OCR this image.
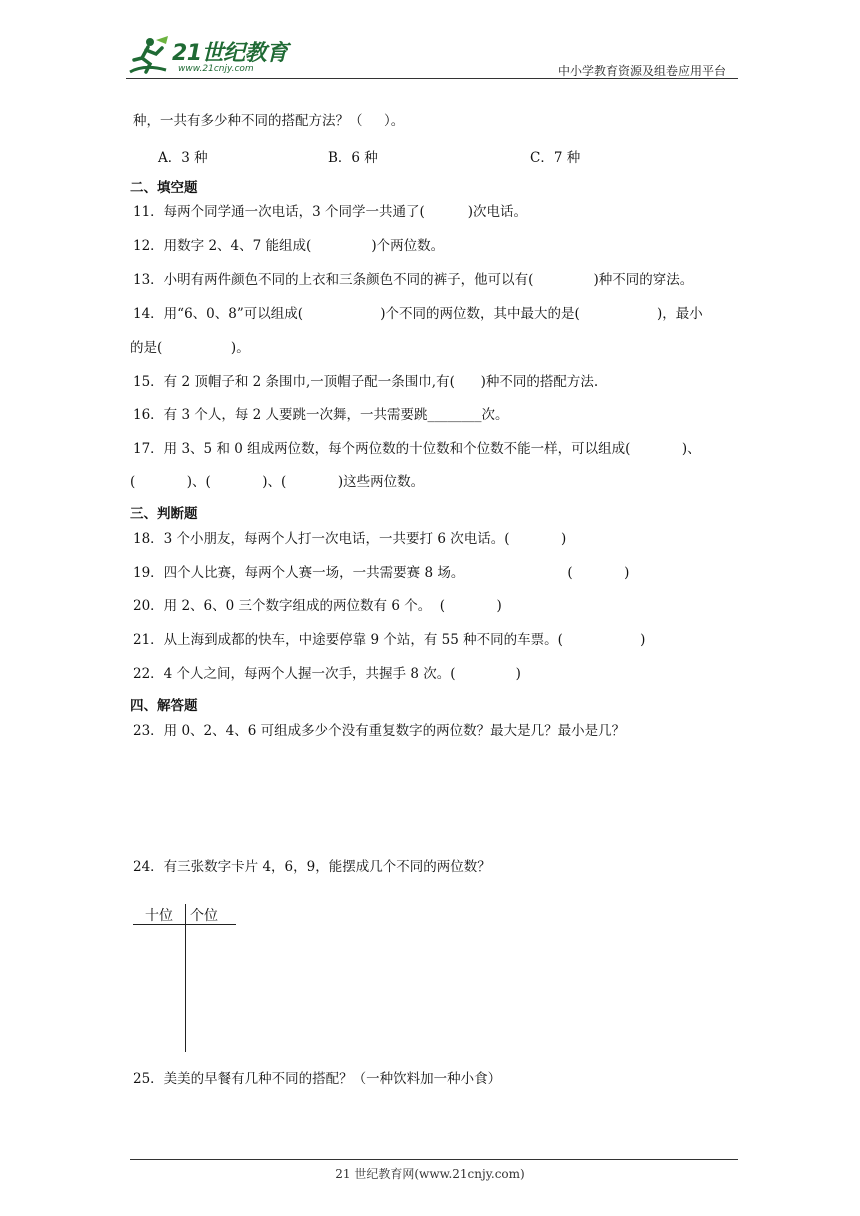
21世纪教育
www.21cnjy.com	中小学教育资源及组卷应用平台
种，一共有多少种不同的搭配方法？（     ）。
A．3 种	B．6 种	C．7 种
二、填空题
11．每两个同学通一次电话，3 个同学一共通了(          )次电话。
12．用数字 2、4、7 能组成(              )个两位数。
13．小明有两件颜色不同的上衣和三条颜色不同的裤子，他可以有(              )种不同的穿法。
14．用“6、0、8”可以组成(                  )个不同的两位数，其中最大的是(                  )，最小
的是(                )。
15．有 2 顶帽子和 2 条围巾,一顶帽子配一条围巾,有(      )种不同的搭配方法.
16．有 3 个人，每 2 人要跳一次舞，一共需要跳________次。
17．用 3、5 和 0 组成两位数，每个两位数的十位数和个位数不能一样，可以组成(            )、
(            )、(            )、(            )这些两位数。
三、判断题
18．3 个小朋友，每两个人打一次电话，一共要打 6 次电话。(            )
19．四个人比赛，每两个人赛一场，一共需要赛 8 场。                        (            )
20．用 2、6、0 三个数字组成的两位数有 6 个。  (            )
21．从上海到成都的快车，中途要停靠 9 个站，有 55 种不同的车票。(                  )
22．4 个人之间，每两个人握一次手，共握手 8 次。(              )
四、解答题
23．用 0、2、4、6 可组成多少个没有重复数字的两位数？最大是几？最小是几？
24．有三张数字卡片 4，6，9，能摆成几个不同的两位数？
十位 个位
25．美美的早餐有几种不同的搭配？（一种饮料加一种小食）
21 世纪教育网(www.21cnjy.com)
